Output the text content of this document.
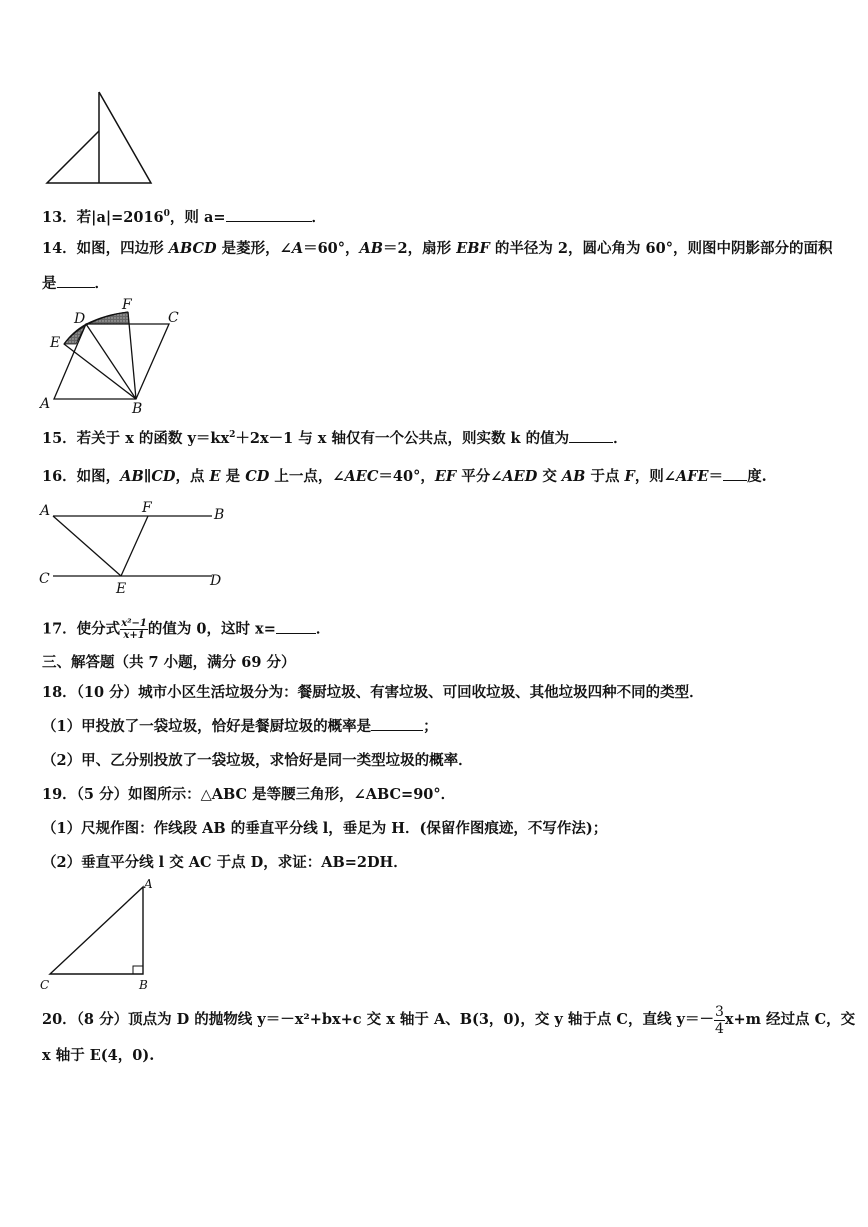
13．若$|a|=2016^0$，则 a=	．
14．如图，四边形 ABCD 是菱形，∠A＝60°，AB＝2，扇形 EBF 的半径为 2，圆心角为 60°，则图中阴影部分的面积
是	．
A	B
C
D
E
F
15．若关于 x 的函数 $y=kx^2+2x-1$ 与 x 轴仅有一个公共点，则实数 k 的值为	．
16．如图，AB∥CD，点 E 是 CD 上一点，∠AEC＝40°，EF 平分∠AED 交 AB 于点 F，则∠AFE＝ 度.
A	B
C	D
E
F
17．使分式 $\frac{\text{x²−1}}{x+1}$ 的值为 0，这时 x=	．
三、解答题（共 7 小题，满分 69 分）
18．（10 分）城市小区生活垃圾分为：餐厨垃圾、有害垃圾、可回收垃圾、其他垃圾四种不同的类型．
（1）甲投放了一袋垃圾，恰好是餐厨垃圾的概率是	；
（2）甲、乙分别投放了一袋垃圾，求恰好是同一类型垃圾的概率．
19．（5 分）如图所示：△ABC 是等腰三角形，∠ABC=90°．
（1）尺规作图：作线段 AB 的垂直平分线 l，垂足为 H．(保留作图痕迹，不写作法)；
（2）垂直平分线 l 交 AC 于点 D，求证：AB=2DH．
A
B
C
20．（8 分）顶点为 D 的抛物线 y＝－x²+bx+c 交 x 轴于 A、B(3，0)，交 y 轴于点 C，直线 $y=- \frac{3}{4} x+m$ 经过点 C，交
x 轴于 E(4，0).
